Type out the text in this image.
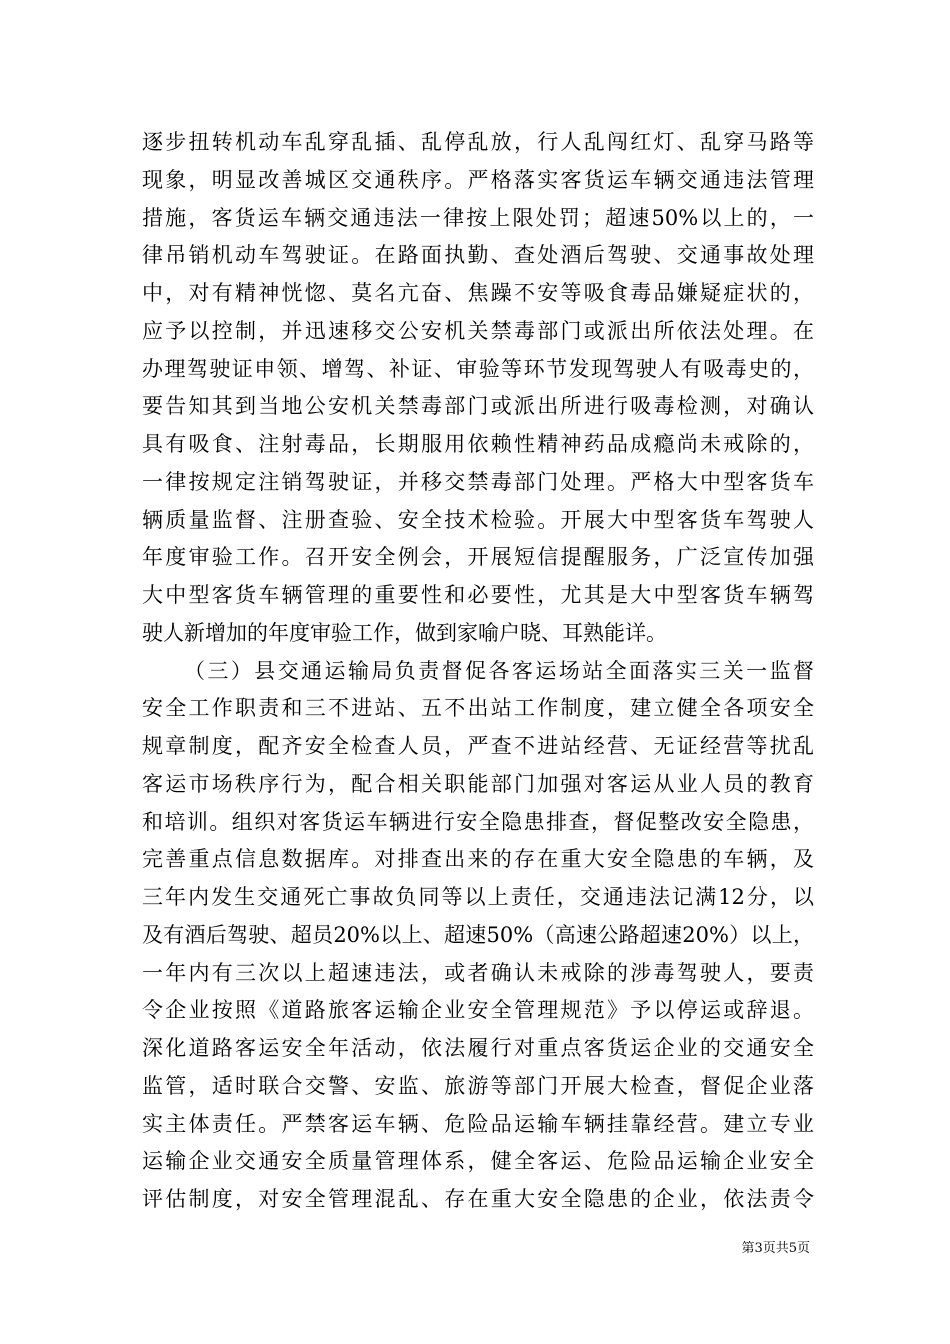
逐步扭转机动车乱穿乱插、乱停乱放，行人乱闯红灯、乱穿马路等
现象，明显改善城区交通秩序。严格落实客货运车辆交通违法管理
措施，客货运车辆交通违法一律按上限处罚；超速50%以上的，一
律吊销机动车驾驶证。在路面执勤、查处酒后驾驶、交通事故处理
中，对有精神恍惚、莫名亢奋、焦躁不安等吸食毒品嫌疑症状的，
应予以控制，并迅速移交公安机关禁毒部门或派出所依法处理。在
办理驾驶证申领、增驾、补证、审验等环节发现驾驶人有吸毒史的，
要告知其到当地公安机关禁毒部门或派出所进行吸毒检测，对确认
具有吸食、注射毒品，长期服用依赖性精神药品成瘾尚未戒除的，
一律按规定注销驾驶证，并移交禁毒部门处理。严格大中型客货车
辆质量监督、注册查验、安全技术检验。开展大中型客货车驾驶人
年度审验工作。召开安全例会，开展短信提醒服务，广泛宣传加强
大中型客货车辆管理的重要性和必要性，尤其是大中型客货车辆驾
驶人新增加的年度审验工作，做到家喻户晓、耳熟能详。
（三）县交通运输局负责督促各客运场站全面落实三关一监督
安全工作职责和三不进站、五不出站工作制度，建立健全各项安全
规章制度，配齐安全检查人员，严查不进站经营、无证经营等扰乱
客运市场秩序行为，配合相关职能部门加强对客运从业人员的教育
和培训。组织对客货运车辆进行安全隐患排查，督促整改安全隐患，
完善重点信息数据库。对排查出来的存在重大安全隐患的车辆，及
三年内发生交通死亡事故负同等以上责任，交通违法记满12分，以
及有酒后驾驶、超员20%以上、超速50%（高速公路超速20%）以上，
一年内有三次以上超速违法，或者确认未戒除的涉毒驾驶人，要责
令企业按照《道路旅客运输企业安全管理规范》予以停运或辞退。
深化道路客运安全年活动，依法履行对重点客货运企业的交通安全
监管，适时联合交警、安监、旅游等部门开展大检查，督促企业落
实主体责任。严禁客运车辆、危险品运输车辆挂靠经营。建立专业
运输企业交通安全质量管理体系，健全客运、危险品运输企业安全
评估制度，对安全管理混乱、存在重大安全隐患的企业，依法责令
第3页共5页
